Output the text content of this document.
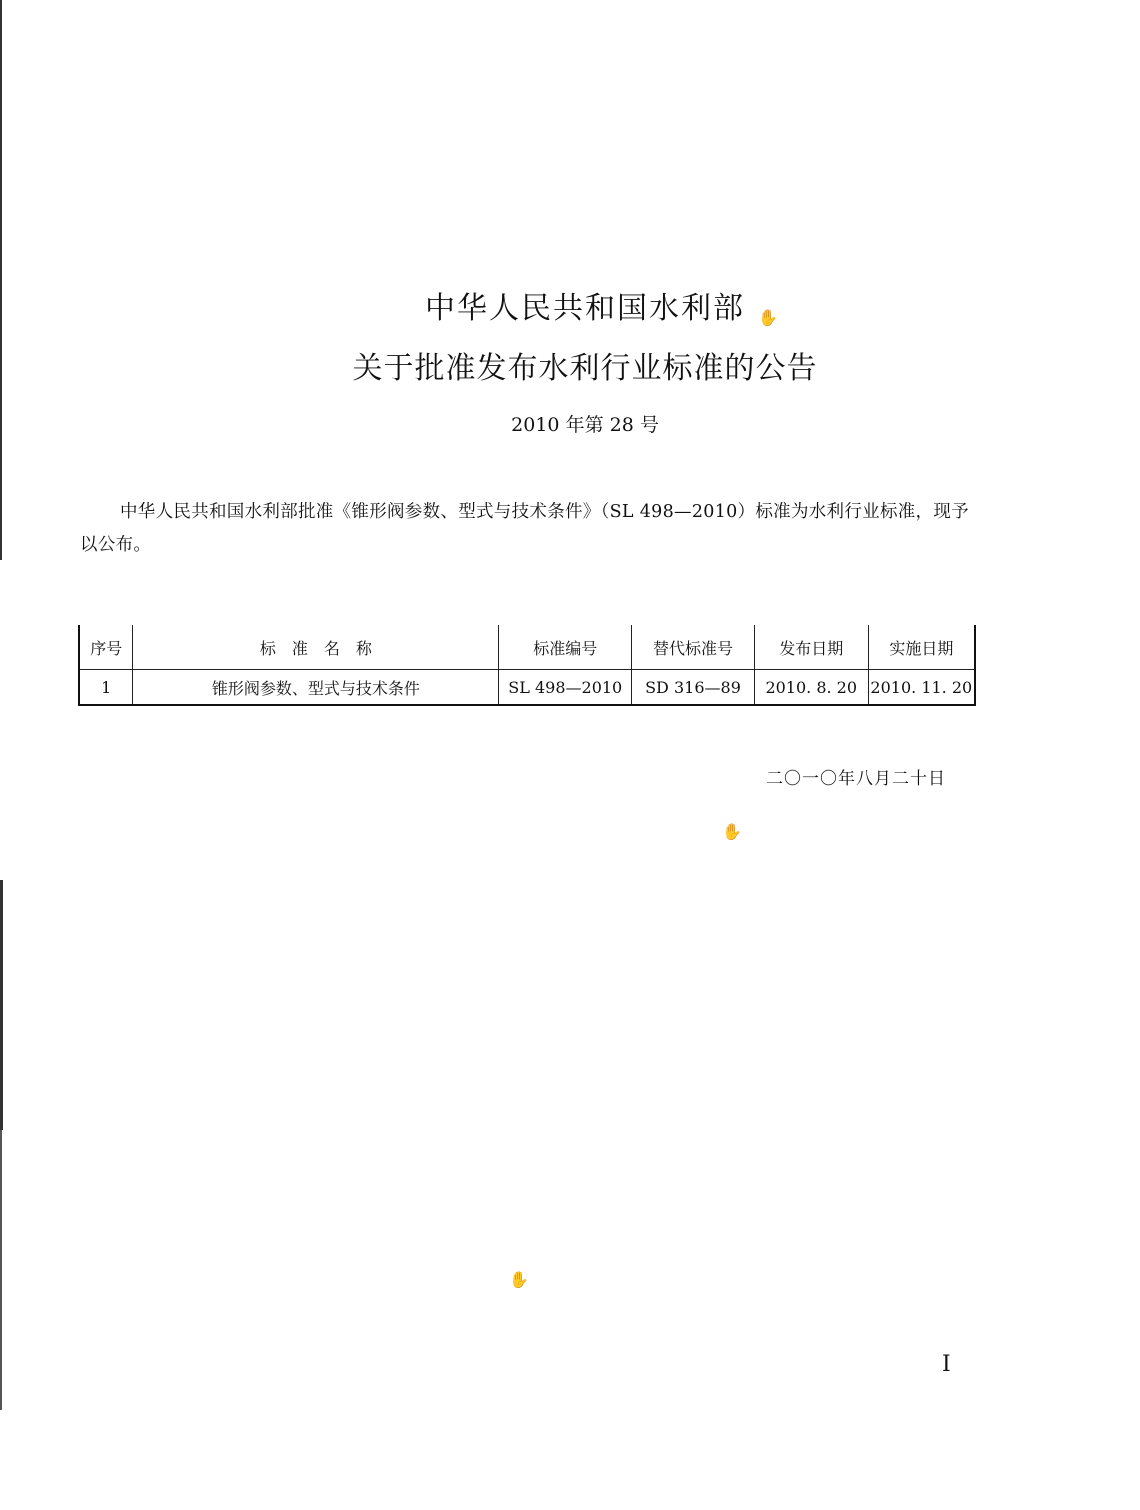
中华人民共和国水利部
关于批准发布水利行业标准的公告
2010 年第 28 号
中华人民共和国水利部批准《锥形阀参数、型式与技术条件》（SL 498—2010）标准为水利行业标准，现予以公布。
序号	标　准　名　称	标准编号	替代标准号	发布日期	实施日期
1	锥形阀参数、型式与技术条件	SL 498—2010	SD 316—89	2010. 8. 20	2010. 11. 20
二〇一〇年八月二十日
I
✋
✋
✋
